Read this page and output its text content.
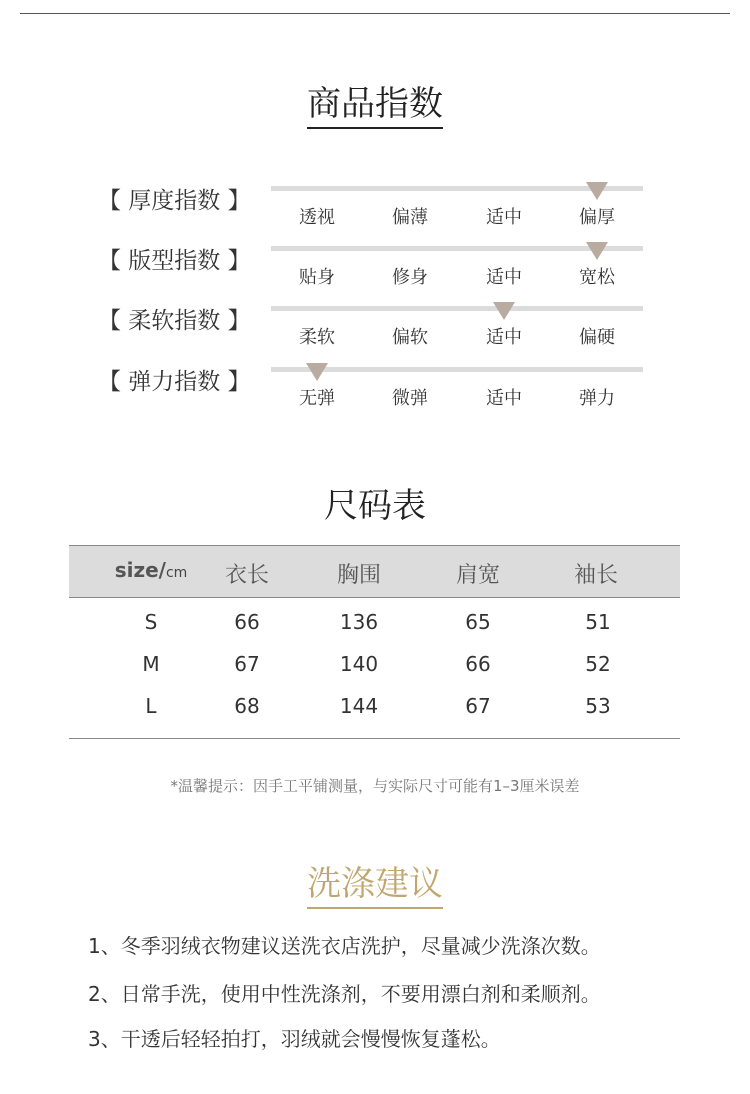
商品指数
【 厚度指数 】
透视	偏薄	适中	偏厚
【 版型指数 】
贴身	修身	适中	宽松
【 柔软指数 】
柔软	偏软	适中	偏硬
【 弹力指数 】
无弹	微弹	适中	弹力
尺码表
size/cm	衣长	胸围	肩宽	袖长
S	66	136	65	51
M	67	140	66	52
L	68	144	67	53
*温馨提示：因手工平铺测量，与实际尺寸可能有1–3厘米误差
洗涤建议
1、冬季羽绒衣物建议送洗衣店洗护，尽量减少洗涤次数。
2、日常手洗，使用中性洗涤剂，不要用漂白剂和柔顺剂。
3、干透后轻轻拍打，羽绒就会慢慢恢复蓬松。
